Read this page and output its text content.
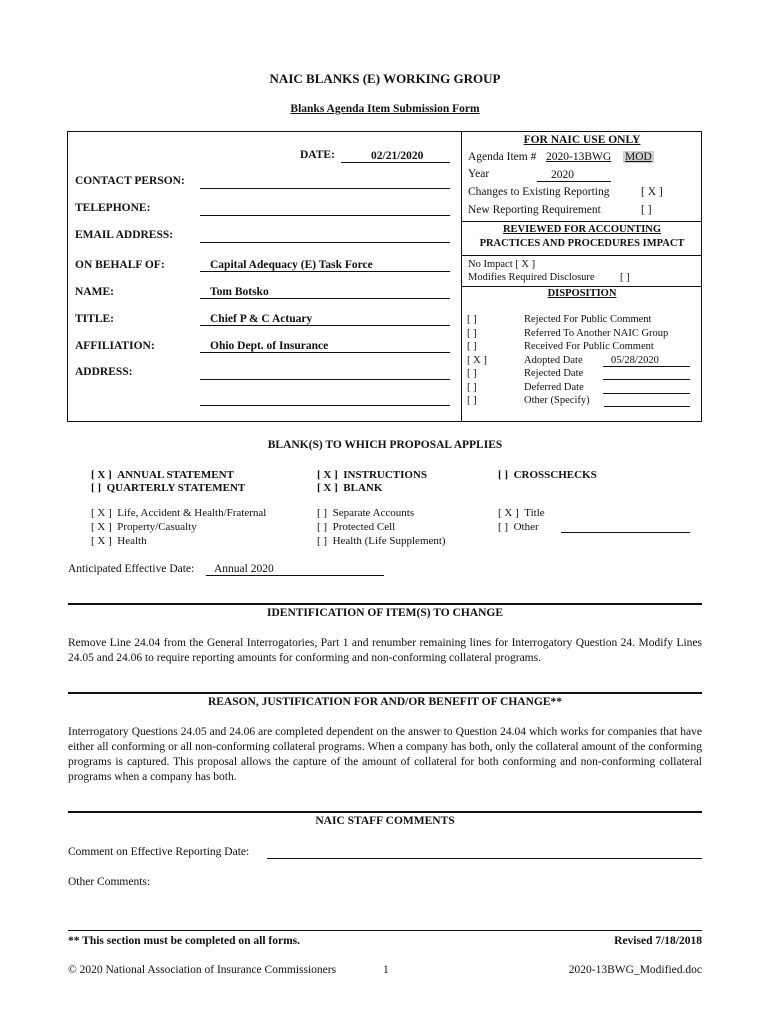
NAIC BLANKS (E) WORKING GROUP
Blanks Agenda Item Submission Form
DATE:	02/21/2020
CONTACT PERSON:
TELEPHONE:
EMAIL ADDRESS:
ON BEHALF OF:	Capital Adequacy (E) Task Force
NAME:	Tom Botsko
TITLE:	Chief P & C Actuary
AFFILIATION:	Ohio Dept. of Insurance
ADDRESS:
FOR NAIC USE ONLY
Agenda Item # 2020-13BWG MOD
Year	2020
Changes to Existing Reporting	[ X ]
New Reporting Requirement	[ ]
REVIEWED FOR ACCOUNTING
PRACTICES AND PROCEDURES IMPACT
No Impact [ X ]
Modifies Required Disclosure [ ]
DISPOSITION
[ ]	Rejected For Public Comment
[ ]	Referred To Another NAIC Group
[ ]	Received For Public Comment
[ X ]	Adopted Date	05/28/2020
[ ]	Rejected Date
[ ]	Deferred Date
[ ]	Other (Specify)
BLANK(S) TO WHICH PROPOSAL APPLIES
[ X ] ANNUAL STATEMENT	[ X ] INSTRUCTIONS	[ ] CROSSCHECKS
[ ] QUARTERLY STATEMENT	[ X ] BLANK
[ X ] Life, Accident & Health/Fraternal	[ ] Separate Accounts	[ X ] Title
[ X ] Property/Casualty	[ ] Protected Cell	[ ] Other
[ X ] Health	[ ] Health (Life Supplement)
Anticipated Effective Date:	Annual 2020
IDENTIFICATION OF ITEM(S) TO CHANGE
Remove Line 24.04 from the General Interrogatories, Part 1 and renumber remaining lines for Interrogatory Question 24. Modify Lines 24.05 and 24.06 to require reporting amounts for conforming and non-conforming collateral programs.
REASON, JUSTIFICATION FOR AND/OR BENEFIT OF CHANGE**
Interrogatory Questions 24.05 and 24.06 are completed dependent on the answer to Question 24.04 which works for companies that have either all conforming or all non-conforming collateral programs. When a company has both, only the collateral amount of the conforming programs is captured. This proposal allows the capture of the amount of collateral for both conforming and non-conforming collateral programs when a company has both.
NAIC STAFF COMMENTS
Comment on Effective Reporting Date:
Other Comments:
** This section must be completed on all forms.	Revised 7/18/2018
© 2020 National Association of Insurance Commissioners	1	2020-13BWG_Modified.doc
